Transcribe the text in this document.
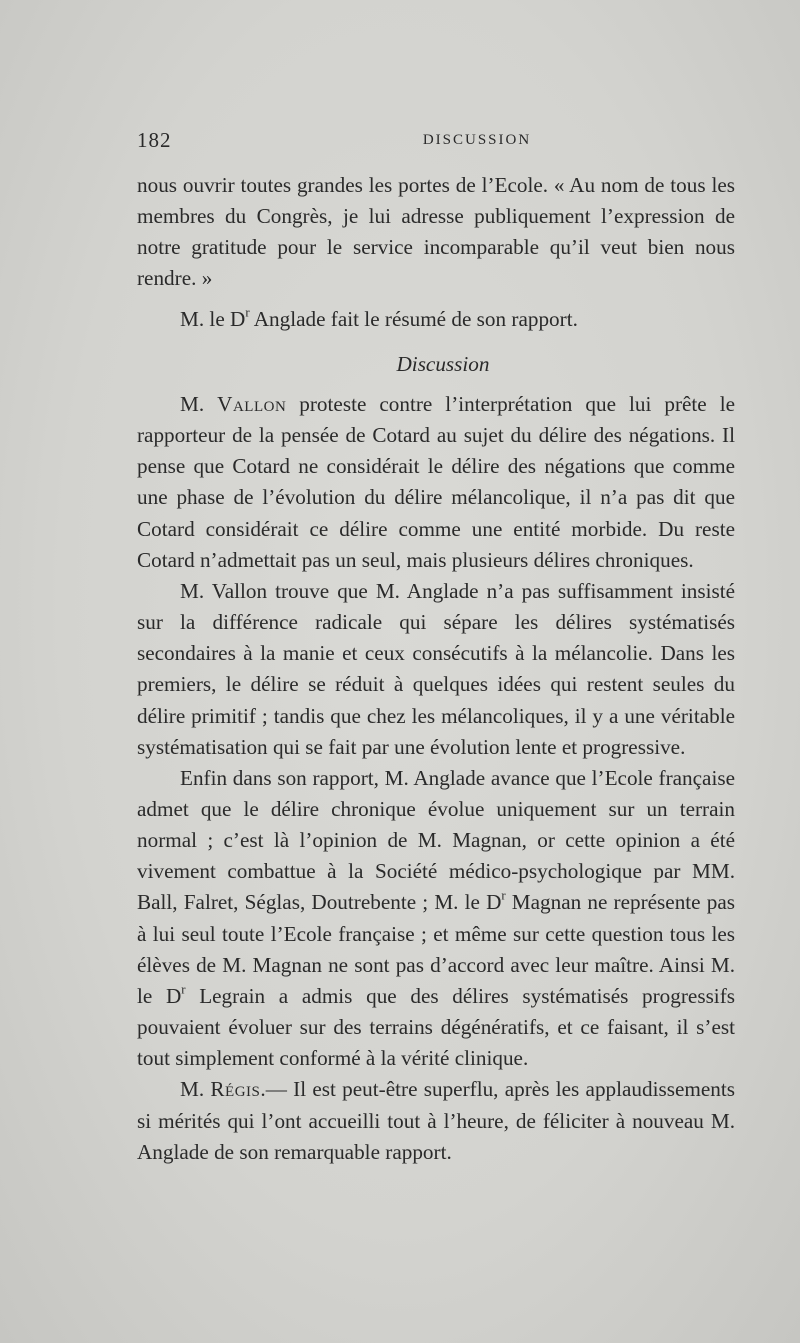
182	DISCUSSION

nous ouvrir toutes grandes les portes de l’Ecole. « Au nom de tous les membres du Congrès, je lui adresse publiquement l’expression de notre gratitude pour le service incomparable qu’il veut bien nous rendre. »

M. le $D^r$ Anglade fait le résumé de son rapport.

Discussion

M. Vallon proteste contre l’interprétation que lui prête le rapporteur de la pensée de Cotard au sujet du délire des négations. Il pense que Cotard ne considérait le délire des négations que comme une phase de l’évolution du délire mélancolique, il n’a pas dit que Cotard considérait ce délire comme une entité morbide. Du reste Cotard n’admettait pas un seul, mais plusieurs délires chroniques.

M. Vallon trouve que M. Anglade n’a pas suffisamment insisté sur la différence radicale qui sépare les délires systématisés secondaires à la manie et ceux consécutifs à la mélancolie. Dans les premiers, le délire se réduit à quelques idées qui restent seules du délire primitif ; tandis que chez les mélancoliques, il y a une véritable systématisation qui se fait par une évolution lente et progressive.

Enfin dans son rapport, M. Anglade avance que l’Ecole française admet que le délire chronique évolue uniquement sur un terrain normal ; c’est là l’opinion de M. Magnan, or cette opinion a été vivement combattue à la Société médico-psychologique par MM. Ball, Falret, Séglas, Doutrebente ; M. le $D^r$ Magnan ne représente pas à lui seul toute l’Ecole française ; et même sur cette question tous les élèves de M. Magnan ne sont pas d’accord avec leur maître. Ainsi M. le $D^r$ Legrain a admis que des délires systématisés progressifs pouvaient évoluer sur des terrains dégénératifs, et ce faisant, il s’est tout simplement conformé à la vérité clinique.

M. Régis.— Il est peut-être superflu, après les applaudissements si mérités qui l’ont accueilli tout à l’heure, de féliciter à nouveau M. Anglade de son remarquable rapport.
